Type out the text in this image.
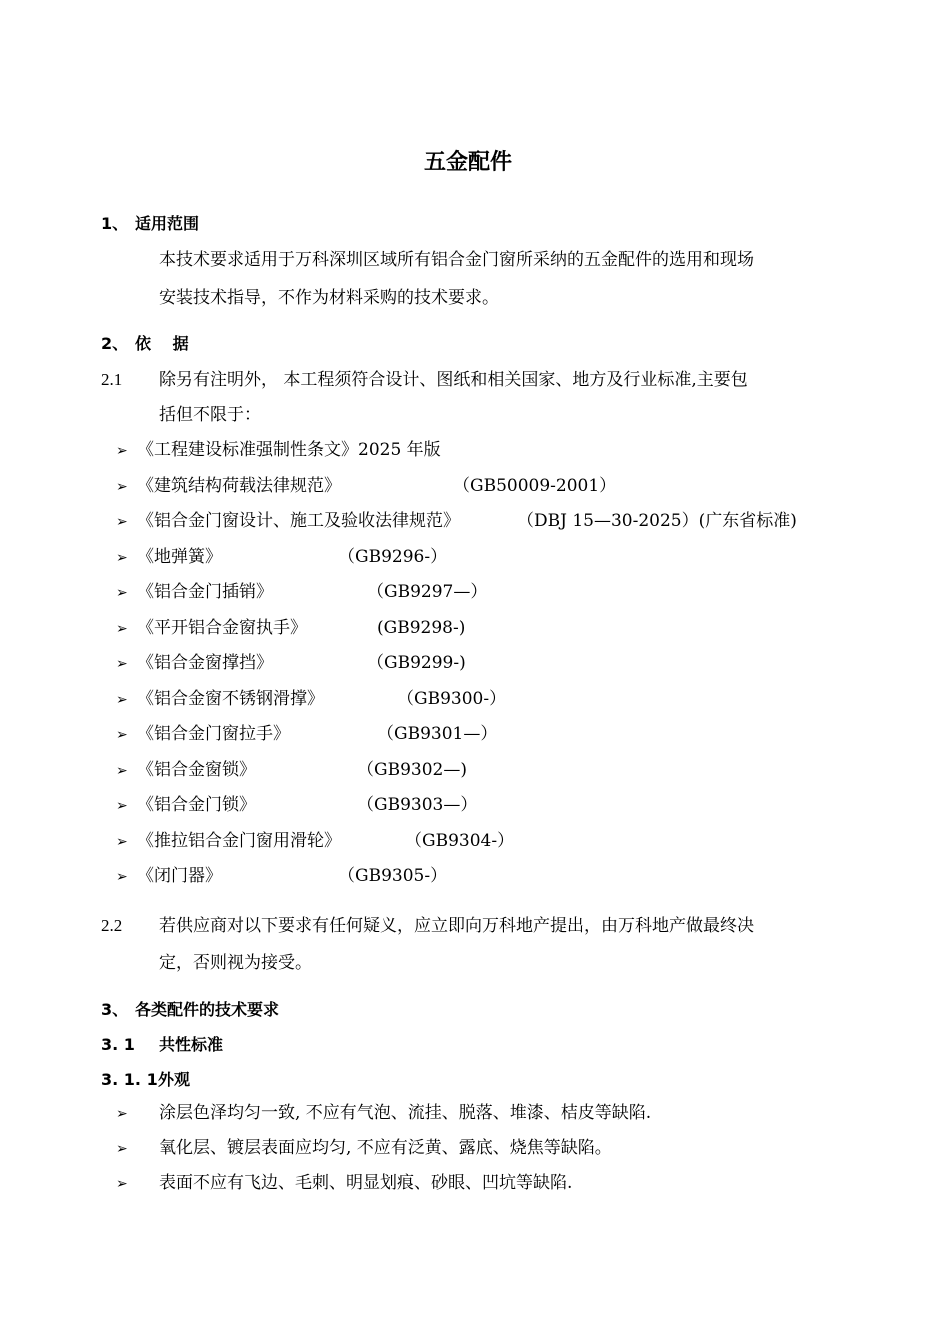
五金配件
1、 适用范围
本技术要求适用于万科深圳区域所有铝合金门窗所采纳的五金配件的选用和现场
安装技术指导，不作为材料采购的技术要求。
2、 依　 据
2.1 除另有注明外， 本工程须符合设计、图纸和相关国家、地方及行业标准,主要包
括但不限于：
➢ 《工程建设标准强制性条文》2025 年版
➢ 《建筑结构荷载法律规范》	（GB50009-2001）
➢ 《铝合金门窗设计、施工及验收法律规范》	（DBJ 15—30-2025）(广东省标准)
➢ 《地弹簧》	（GB9296-）
➢ 《铝合金门插销》	（GB9297—）
➢ 《平开铝合金窗执手》	(GB9298-)
➢ 《铝合金窗撑挡》	（GB9299-)
➢ 《铝合金窗不锈钢滑撑》	（GB9300-）
➢ 《铝合金门窗拉手》	（GB9301—）
➢ 《铝合金窗锁》	（GB9302—)
➢ 《铝合金门锁》	（GB9303—）
➢ 《推拉铝合金门窗用滑轮》	（GB9304-）
➢ 《闭门器》	（GB9305-）
2.2 若供应商对以下要求有任何疑义，应立即向万科地产提出，由万科地产做最终决
定，否则视为接受。
3、 各类配件的技术要求
3. 1 共性标准
3. 1. 1 外观
➢ 涂层色泽均匀一致, 不应有气泡、流挂、脱落、堆漆、桔皮等缺陷.
➢ 氧化层、镀层表面应均匀, 不应有泛黄、露底、烧焦等缺陷。
➢ 表面不应有飞边、毛刺、明显划痕、砂眼、凹坑等缺陷.
